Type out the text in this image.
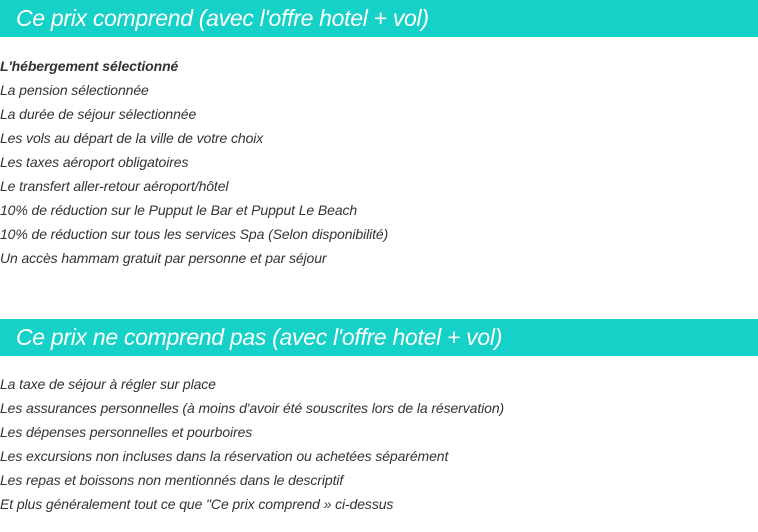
Ce prix comprend (avec l'offre hotel + vol)
L'hébergement sélectionné
La pension sélectionnée
La durée de séjour sélectionnée
Les vols au départ de la ville de votre choix
Les taxes aéroport obligatoires
Le transfert aller-retour aéroport/hôtel
10% de réduction sur le Pupput le Bar et Pupput Le Beach
10% de réduction sur tous les services Spa (Selon disponibilité)
Un accès hammam gratuit par personne et par séjour
Ce prix ne comprend pas (avec l'offre hotel + vol)
La taxe de séjour à régler sur place
Les assurances personnelles (à moins d'avoir été souscrites lors de la réservation)
Les dépenses personnelles et pourboires
Les excursions non incluses dans la réservation ou achetées séparément
Les repas et boissons non mentionnés dans le descriptif
Et plus généralement tout ce que "Ce prix comprend » ci-dessus
